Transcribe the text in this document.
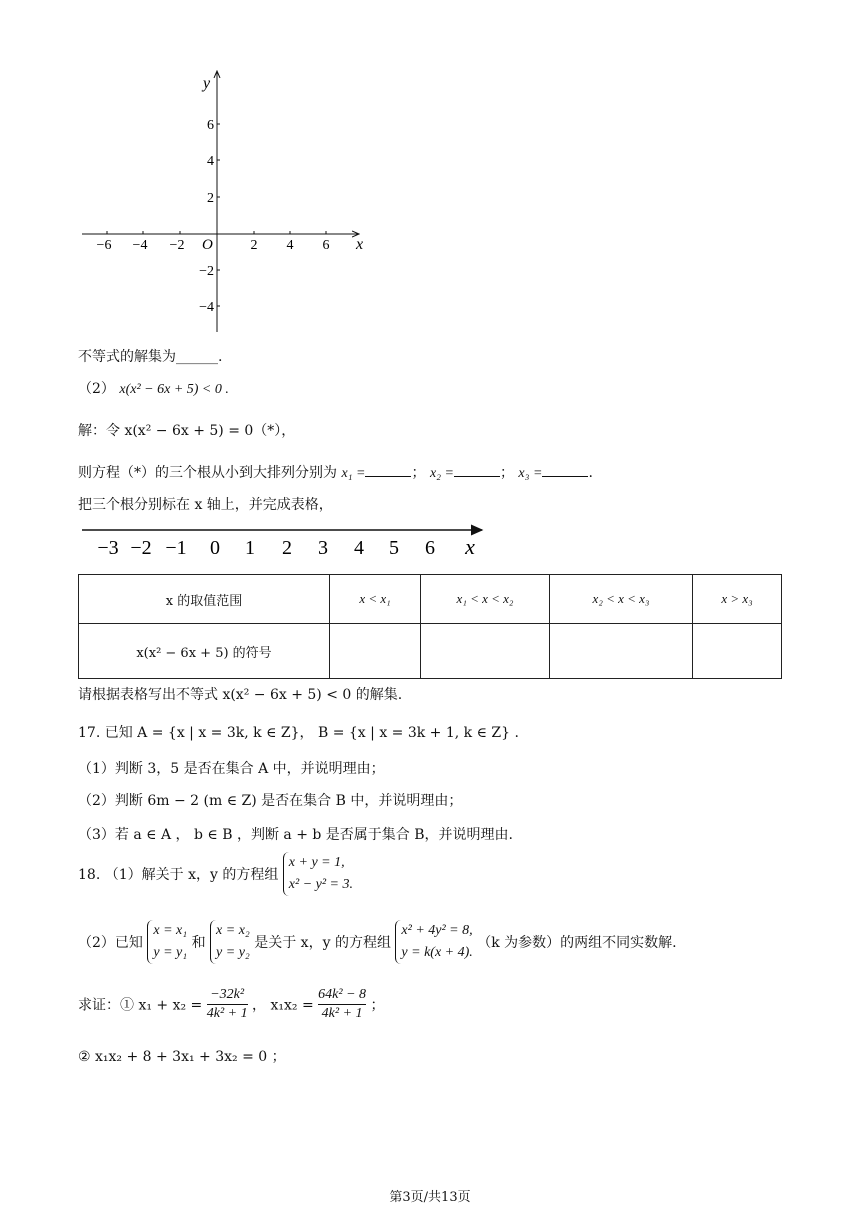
y
x
O
6
4
2
−2
−4
−6 −4 −2	2 4 6
不等式的解集为______.
（2） x(x² − 6x + 5) < 0 .
解：令 x(x² − 6x + 5) = 0（*），
则方程（*）的三个根从小到大排列分别为 x₁ =	； x₂ =	； x₃ =	.
把三个根分别标在 x 轴上，并完成表格，
−3 −2 −1 0 1 2 3 4 5 6 x
x 的取值范围	x < x₁	x₁ < x < x₂	x₂ < x < x₃	x > x₃
x(x² − 6x + 5) 的符号				
请根据表格写出不等式 x(x² − 6x + 5) < 0 的解集.
17. 已知 A = {x | x = 3k, k ∈ Z}， B = {x | x = 3k + 1, k ∈ Z} .
（1）判断 3，5 是否在集合 A 中，并说明理由；
（2）判断 6m − 2 (m ∈ Z) 是否在集合 B 中，并说明理由；
（3）若 a ∈ A ， b ∈ B ，判断 a + b 是否属于集合 B，并说明理由.
18. （1）解关于 x，y 的方程组 x + y = 1,
x² − y² = 3.
（2）已知 x = x₁
y = y₁ 和 x = x₂
y = y₂ 是关于 x，y 的方程组 x² + 4y² = 8,
y = k(x + 4). （k 为参数）的两组不同实数解.
求证：① $x_1 + x_2 = \frac{\text{−32k²}}{\text{4k² + 1}}$ ， $x_1x_2 = \frac{\text{64k² − 8}}{\text{4k² + 1}}$ ；
② x₁x₂ + 8 + 3x₁ + 3x₂ = 0 ；
第3页/共13页
